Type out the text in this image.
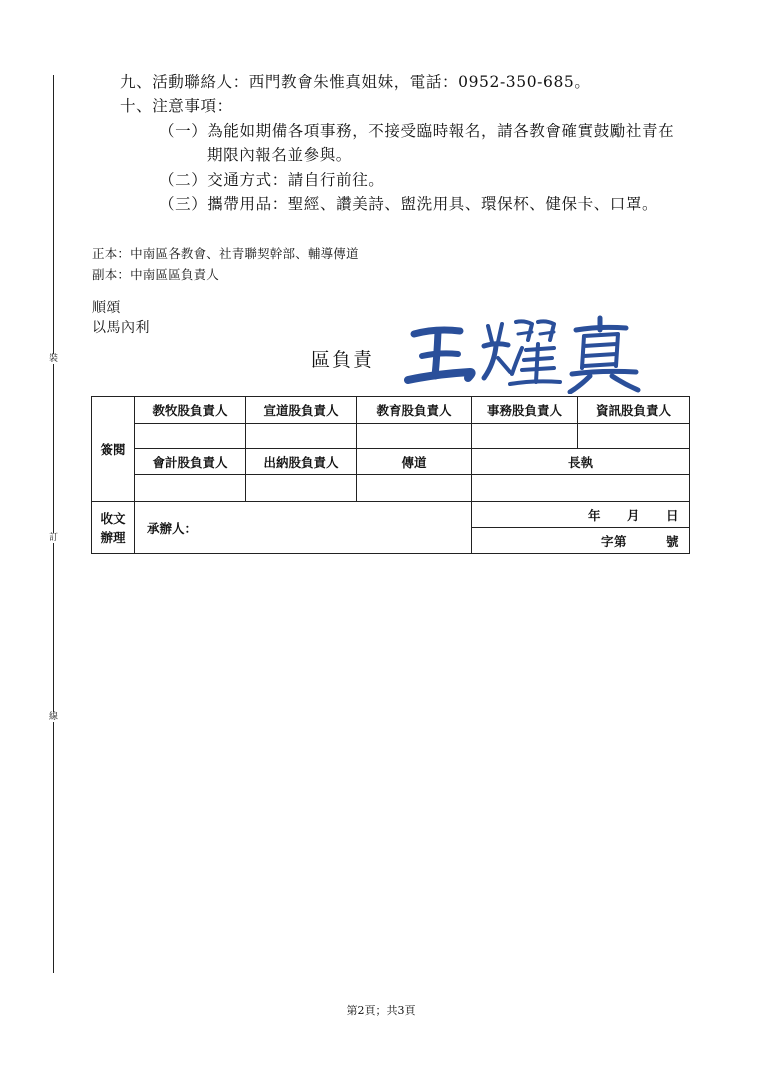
裝
訂
線
九、活動聯絡人：西門教會朱惟真姐妹，電話：0952-350-685。
十、注意事項：
（一）為能如期備各項事務，不接受臨時報名，請各教會確實鼓勵社青在
期限內報名並參與。
（二）交通方式：請自行前往。
（三）攜帶用品：聖經、讚美詩、盥洗用具、環保杯、健保卡、口罩。
正本：中南區各教會、社青聯契幹部、輔導傳道
副本：中南區區負責人
順頌
以馬內利
區負責
簽閱	教牧股負責人	宣道股負責人	教育股負責人	事務股負責人	資訊股負責人

	會計股負責人	出納股負責人	傳道	長執	

收文
辦理	承辦人：			年　　月　　日	
				字第　　　號	
第2頁；共3頁
